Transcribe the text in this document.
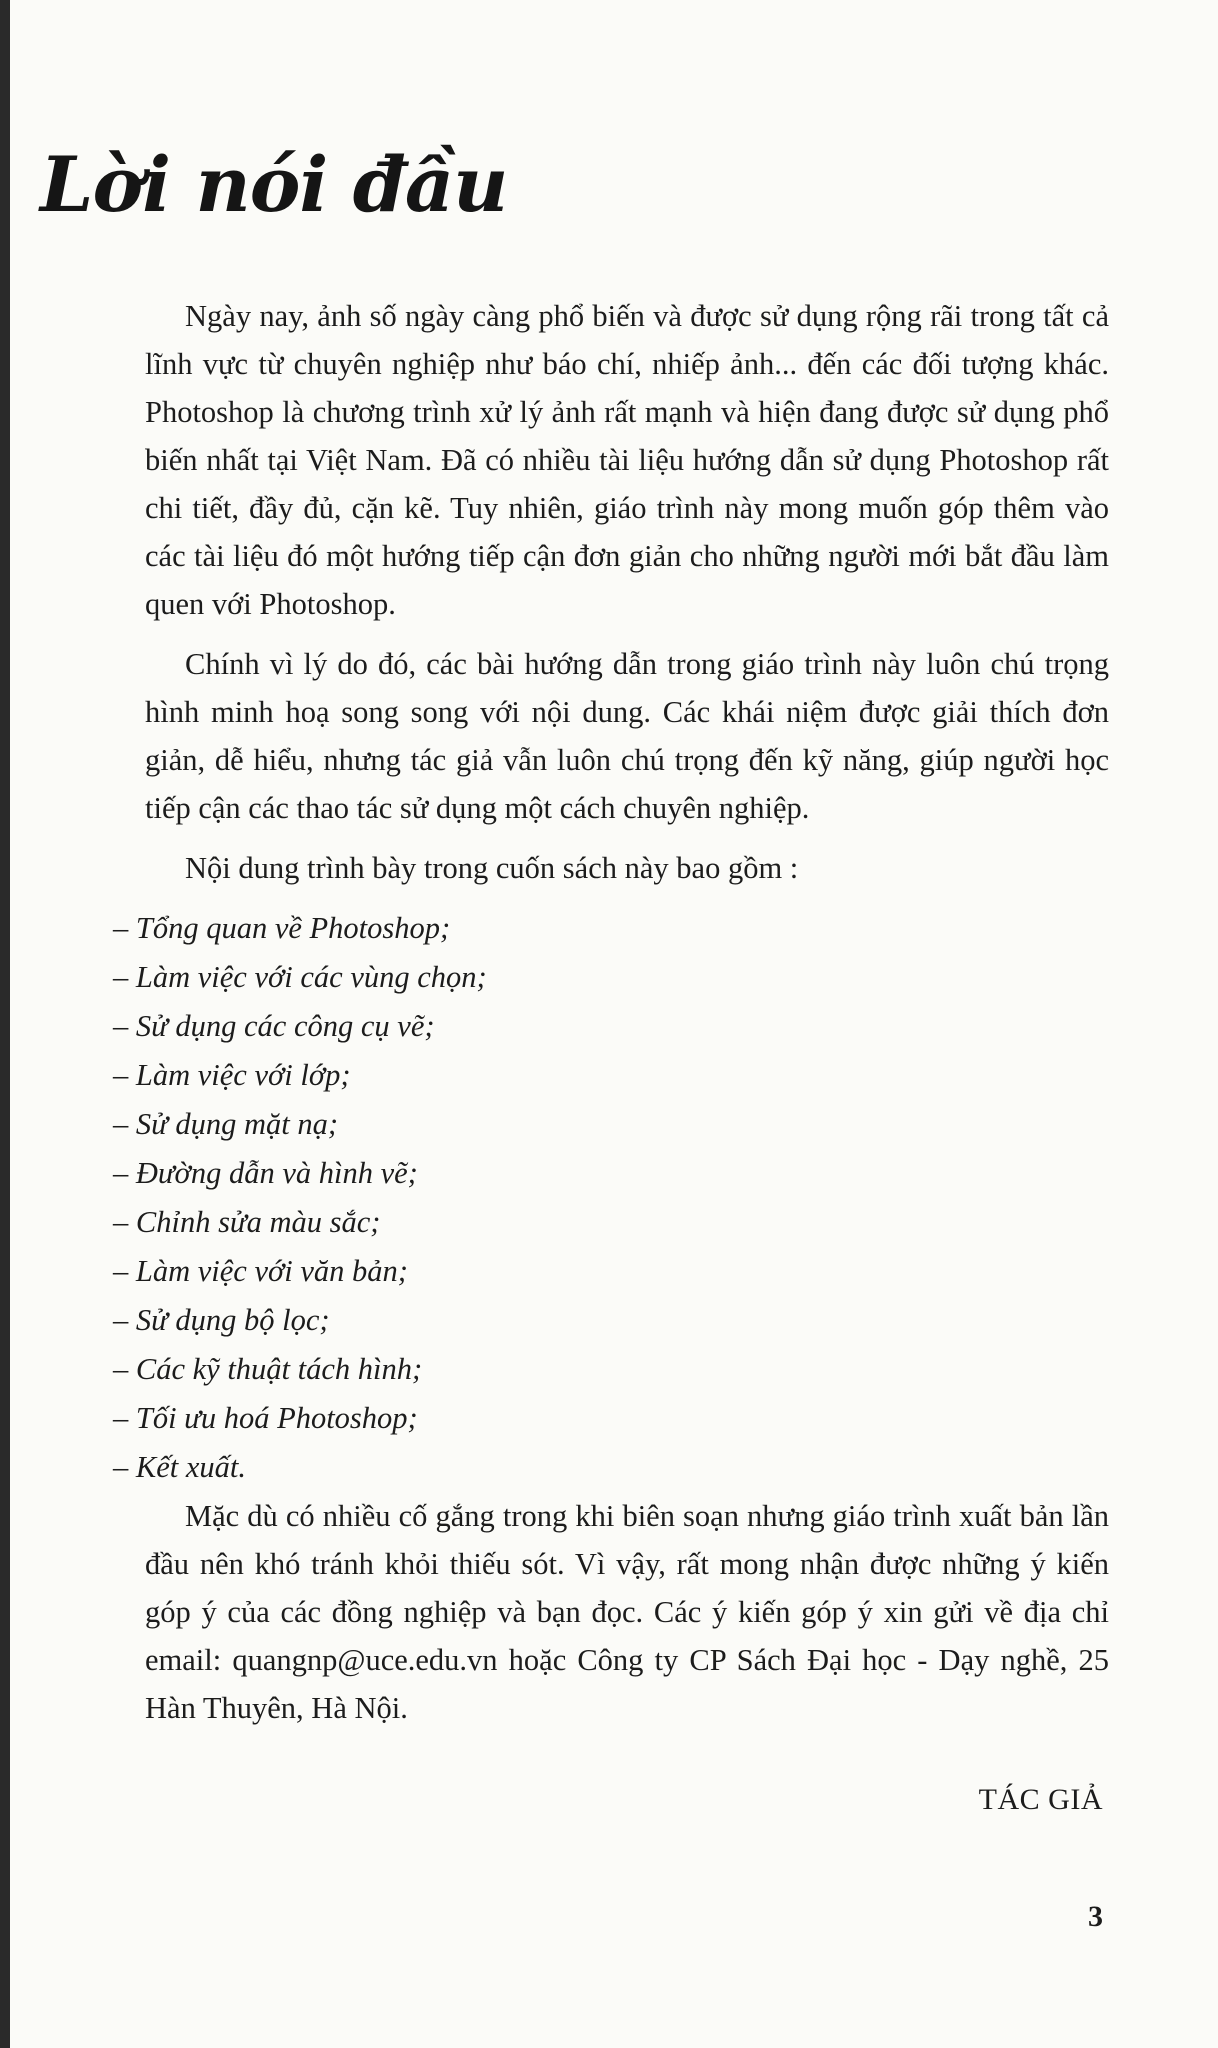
Lời nói đầu

Ngày nay, ảnh số ngày càng phổ biến và được sử dụng rộng rãi trong tất cả lĩnh vực từ chuyên nghiệp như báo chí, nhiếp ảnh... đến các đối tượng khác. Photoshop là chương trình xử lý ảnh rất mạnh và hiện đang được sử dụng phổ biến nhất tại Việt Nam. Đã có nhiều tài liệu hướng dẫn sử dụng Photoshop rất chi tiết, đầy đủ, cặn kẽ. Tuy nhiên, giáo trình này mong muốn góp thêm vào các tài liệu đó một hướng tiếp cận đơn giản cho những người mới bắt đầu làm quen với Photoshop.

Chính vì lý do đó, các bài hướng dẫn trong giáo trình này luôn chú trọng hình minh hoạ song song với nội dung. Các khái niệm được giải thích đơn giản, dễ hiểu, nhưng tác giả vẫn luôn chú trọng đến kỹ năng, giúp người học tiếp cận các thao tác sử dụng một cách chuyên nghiệp.

Nội dung trình bày trong cuốn sách này bao gồm :

– Tổng quan về Photoshop;
– Làm việc với các vùng chọn;
– Sử dụng các công cụ vẽ;
– Làm việc với lớp;
– Sử dụng mặt nạ;
– Đường dẫn và hình vẽ;
– Chỉnh sửa màu sắc;
– Làm việc với văn bản;
– Sử dụng bộ lọc;
– Các kỹ thuật tách hình;
– Tối ưu hoá Photoshop;
– Kết xuất.

Mặc dù có nhiều cố gắng trong khi biên soạn nhưng giáo trình xuất bản lần đầu nên khó tránh khỏi thiếu sót. Vì vậy, rất mong nhận được những ý kiến góp ý của các đồng nghiệp và bạn đọc. Các ý kiến góp ý xin gửi về địa chỉ email: quangnp@uce.edu.vn hoặc Công ty CP Sách Đại học - Dạy nghề, 25 Hàn Thuyên, Hà Nội.

TÁC GIẢ
3
